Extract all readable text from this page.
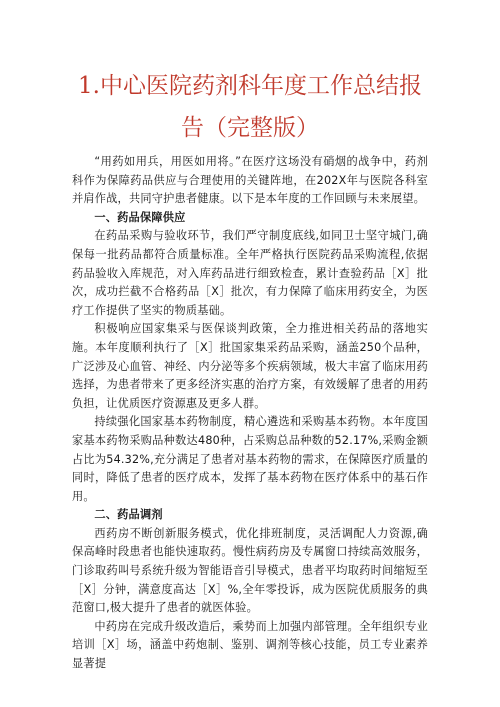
1.中心医院药剂科年度工作总结报
告（完整版）

“用药如用兵，用医如用将。”在医疗这场没有硝烟的战争中，药剂科作为保障药品供应与合理使用的关键阵地，在202X年与医院各科室并肩作战，共同守护患者健康。以下是本年度的工作回顾与未来展望。

一、药品保障供应

在药品采购与验收环节，我们严守制度底线,如同卫士坚守城门,确保每一批药品都符合质量标准。全年严格执行医院药品采购流程,依据药品验收入库规范，对入库药品进行细致检查，累计查验药品［X］批次，成功拦截不合格药品［X］批次，有力保障了临床用药安全，为医疗工作提供了坚实的物质基础。

积极响应国家集采与医保谈判政策，全力推进相关药品的落地实施。本年度顺利执行了［X］批国家集采药品采购，涵盖250个品种，广泛涉及心血管、神经、内分泌等多个疾病领域，极大丰富了临床用药选择，为患者带来了更多经济实惠的治疗方案，有效缓解了患者的用药负担，让优质医疗资源惠及更多人群。

持续强化国家基本药物制度，精心遴选和采购基本药物。本年度国家基本药物采购品种数达480种，占采购总品种数的52.17%,采购金额占比为54.32%,充分满足了患者对基本药物的需求，在保障医疗质量的同时，降低了患者的医疗成本，发挥了基本药物在医疗体系中的基石作用。

二、药品调剂

西药房不断创新服务模式，优化排班制度，灵活调配人力资源,确保高峰时段患者也能快速取药。慢性病药房及专属窗口持续高效服务，门诊取药叫号系统升级为智能语音引导模式，患者平均取药时间缩短至［X］分钟，满意度高达［X］%,全年零投诉，成为医院优质服务的典范窗口,极大提升了患者的就医体验。

中药房在完成升级改造后，乘势而上加强内部管理。全年组织专业培训［X］场，涵盖中药炮制、鉴别、调剂等核心技能，员工专业素养显著提
